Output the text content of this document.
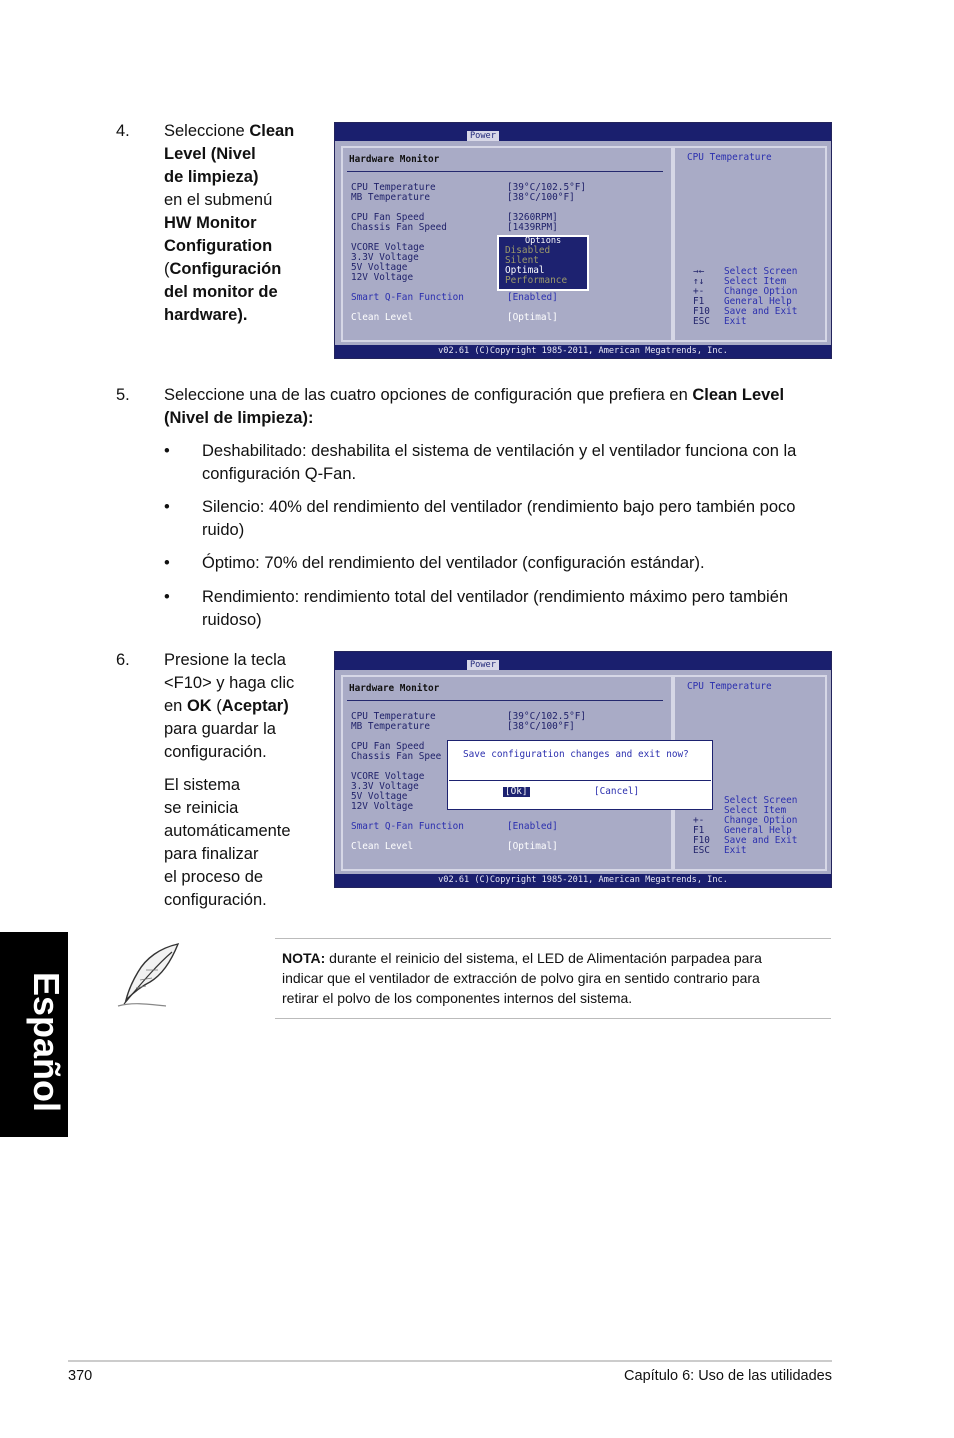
4. Seleccione Clean
Level (Nivel
de limpieza)
en el submenú
HW Monitor
Configuration
(Configuración
del monitor de
hardware).
Power
Hardware Monitor	CPU Temperature
CPU Temperature	[39°C/102.5°F]
MB Temperature	[38°C/100°F]
CPU Fan Speed	[3260RPM]
Chassis Fan Speed	[1439RPM]
VCORE Voltage
3.3V Voltage
5V Voltage
12V Voltage
Smart Q-Fan Function	[Enabled]
Clean Level	[Optimal]
Options
Disabled
Silent
Optimal
Performance
→← Select Screen
↑↓ Select Item
+- Change Option
F1 General Help
F10 Save and Exit
ESC Exit
v02.61 (C)Copyright 1985-2011, American Megatrends, Inc.
5. Seleccione una de las cuatro opciones de configuración que prefiera en Clean Level
(Nivel de limpieza):
• Deshabilitado: deshabilita el sistema de ventilación y el ventilador funciona con la
configuración Q-Fan.
• Silencio: 40% del rendimiento del ventilador (rendimiento bajo pero también poco
ruido)
• Óptimo: 70% del rendimiento del ventilador (configuración estándar).
• Rendimiento: rendimiento total del ventilador (rendimiento máximo pero también
ruidoso)
6. Presione la tecla
<F10> y haga clic
en OK (Aceptar)
para guardar la
configuración.
El sistema
se reinicia
automáticamente
para finalizar
el proceso de
configuración.
Power
Hardware Monitor	CPU Temperature
CPU Temperature	[39°C/102.5°F]
MB Temperature	[38°C/100°F]
CPU Fan Speed
Chassis Fan Spee
VCORE Voltage
3.3V Voltage
5V Voltage
12V Voltage
Smart Q-Fan Function	[Enabled]
Clean Level	[Optimal]
Save configuration changes and exit now?
[Ok]	[Cancel]
Select Screen
Select Item
+- Change Option
F1 General Help
F10 Save and Exit
ESC Exit
v02.61 (C)Copyright 1985-2011, American Megatrends, Inc.
NOTA: durante el reinicio del sistema, el LED de Alimentación parpadea para
indicar que el ventilador de extracción de polvo gira en sentido contrario para
retirar el polvo de los componentes internos del sistema.
Español
370	Capítulo 6: Uso de las utilidades
